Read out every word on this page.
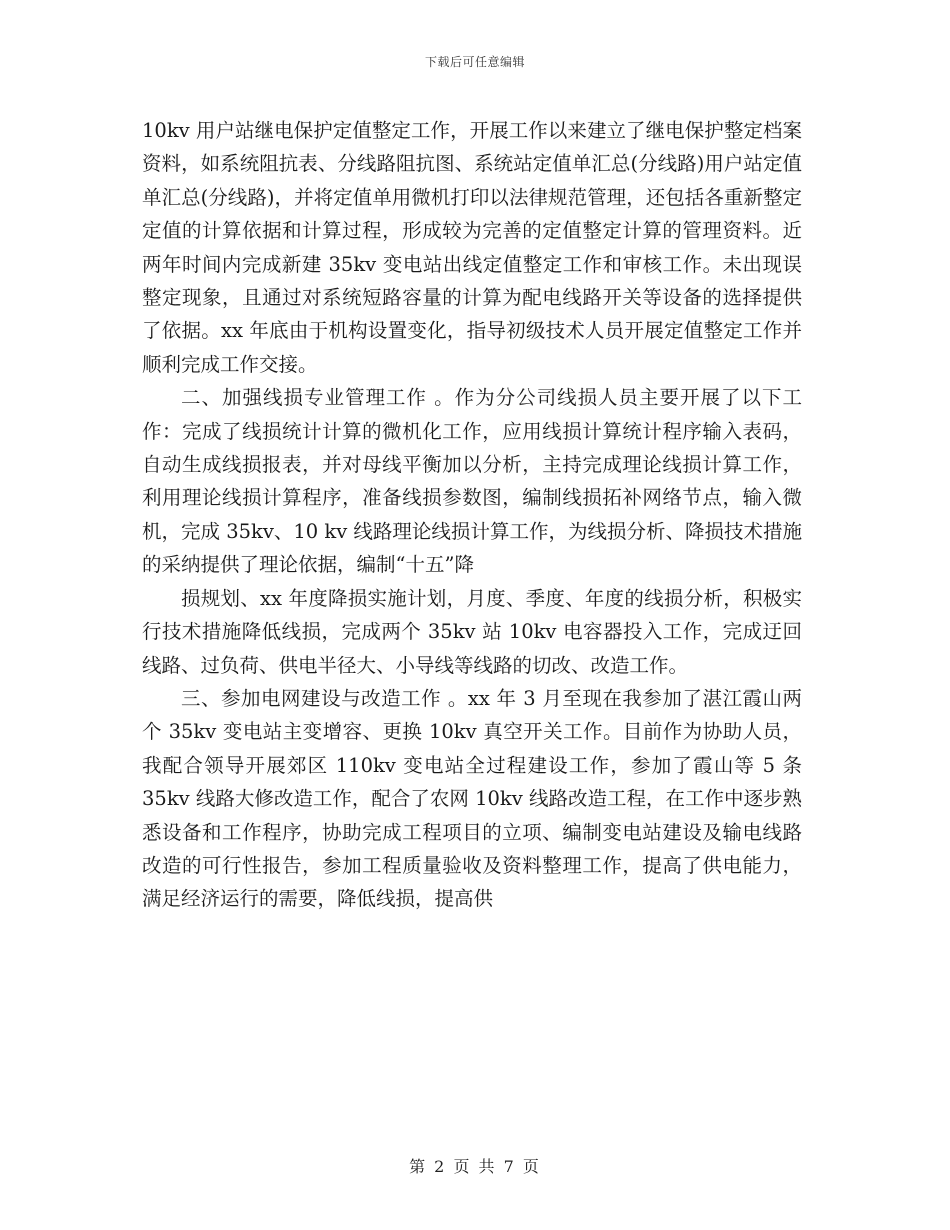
下载后可任意编辑

10kv 用户站继电保护定值整定工作，开展工作以来建立了继电保护整定档案资料，如系统阻抗表、分线路阻抗图、系统站定值单汇总(分线路)用户站定值单汇总(分线路)，并将定值单用微机打印以法律规范管理，还包括各重新整定定值的计算依据和计算过程，形成较为完善的定值整定计算的管理资料。近两年时间内完成新建 35kv 变电站出线定值整定工作和审核工作。未出现误整定现象，且通过对系统短路容量的计算为配电线路开关等设备的选择提供了依据。xx 年底由于机构设置变化，指导初级技术人员开展定值整定工作并顺利完成工作交接。

二、加强线损专业管理工作 。作为分公司线损人员主要开展了以下工作：完成了线损统计计算的微机化工作，应用线损计算统计程序输入表码，自动生成线损报表，并对母线平衡加以分析，主持完成理论线损计算工作，利用理论线损计算程序，准备线损参数图，编制线损拓补网络节点，输入微机，完成 35kv、10 kv 线路理论线损计算工作，为线损分析、降损技术措施的采纳提供了理论依据，编制“十五”降

损规划、xx 年度降损实施计划，月度、季度、年度的线损分析，积极实行技术措施降低线损，完成两个 35kv 站 10kv 电容器投入工作，完成迂回线路、过负荷、供电半径大、小导线等线路的切改、改造工作。

三、参加电网建设与改造工作 。xx 年 3 月至现在我参加了湛江霞山两个 35kv 变电站主变增容、更换 10kv 真空开关工作。目前作为协助人员，我配合领导开展郊区 110kv 变电站全过程建设工作，参加了霞山等 5 条 35kv 线路大修改造工作，配合了农网 10kv 线路改造工程，在工作中逐步熟悉设备和工作程序，协助完成工程项目的立项、编制变电站建设及输电线路改造的可行性报告，参加工程质量验收及资料整理工作，提高了供电能力，满足经济运行的需要，降低线损，提高供

第 2 页 共 7 页
